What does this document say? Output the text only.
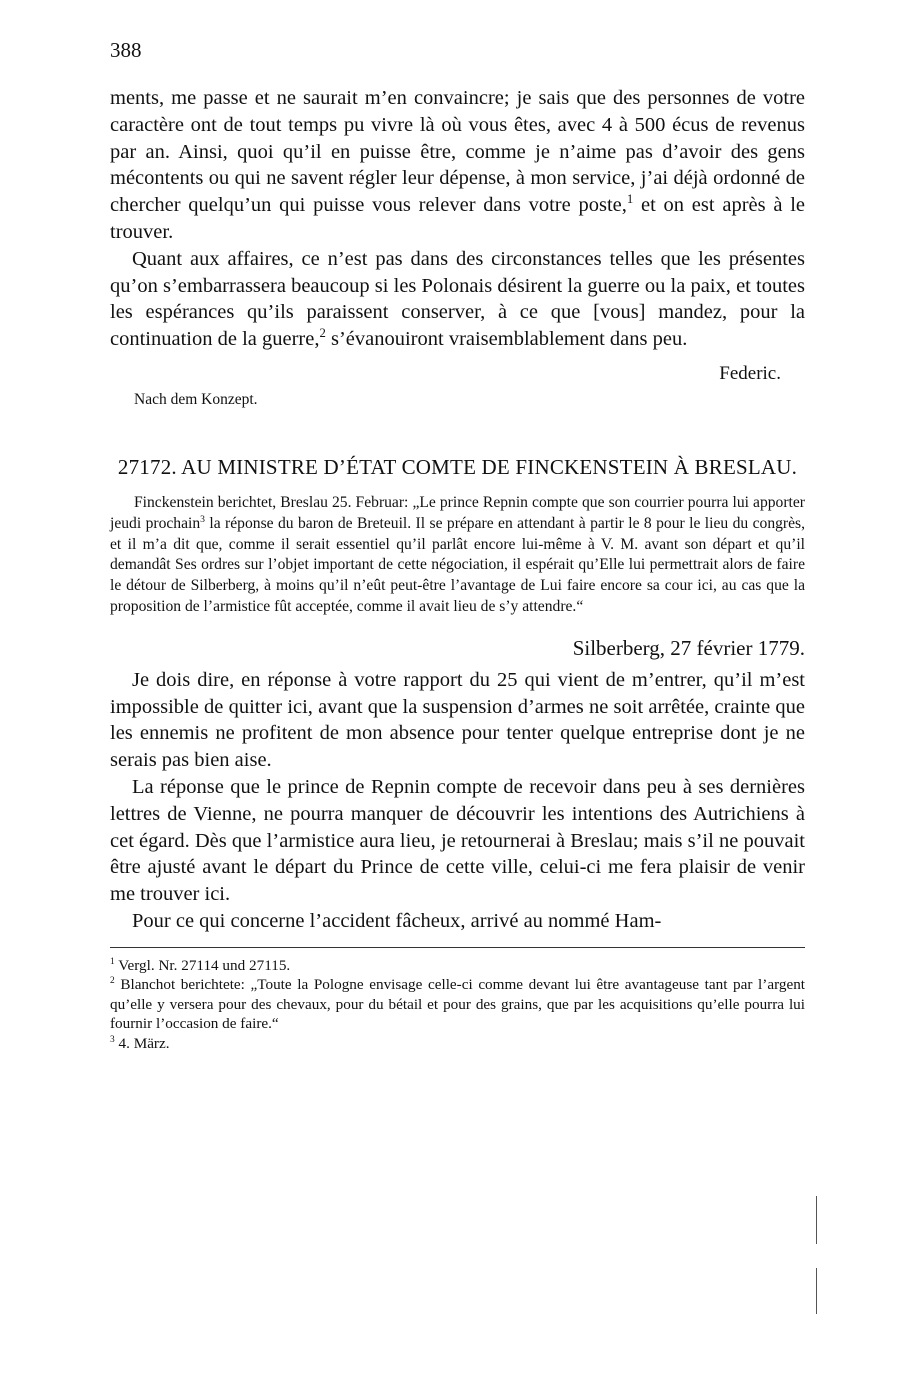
388

ments, me passe et ne saurait m’en convaincre; je sais que des personnes de votre caractère ont de tout temps pu vivre là où vous êtes, avec 4 à 500 écus de revenus par an. Ainsi, quoi qu’il en puisse être, comme je n’aime pas d’avoir des gens mécontents ou qui ne savent régler leur dépense, à mon service, j’ai déjà ordonné de chercher quelqu’un qui puisse vous relever dans votre poste,$^1$ et on est après à le trouver.

Quant aux affaires, ce n’est pas dans des circonstances telles que les présentes qu’on s’embarrassera beaucoup si les Polonais désirent la guerre ou la paix, et toutes les espérances qu’ils paraissent conserver, à ce que [vous] mandez, pour la continuation de la guerre,$^2$ s’évanouiront vraisemblablement dans peu.

Federic.
Nach dem Konzept.
27172. AU MINISTRE D’ÉTAT COMTE DE FINCKENSTEIN À BRESLAU.

Finckenstein berichtet, Breslau 25. Februar: „Le prince Repnin compte que son courrier pourra lui apporter jeudi prochain$^3$ la réponse du baron de Breteuil. Il se prépare en attendant à partir le 8 pour le lieu du congrès, et il m’a dit que, comme il serait essentiel qu’il parlât encore lui-même à V. M. avant son départ et qu’il demandât Ses ordres sur l’objet important de cette négociation, il espérait qu’Elle lui permettrait alors de faire le détour de Silberberg, à moins qu’il n’eût peut-être l’avantage de Lui faire encore sa cour ici, au cas que la proposition de l’armistice fût acceptée, comme il avait lieu de s’y attendre.“

Silberberg, 27 février 1779.

Je dois dire, en réponse à votre rapport du 25 qui vient de m’entrer, qu’il m’est impossible de quitter ici, avant que la suspension d’armes ne soit arrêtée, crainte que les ennemis ne profitent de mon absence pour tenter quelque entreprise dont je ne serais pas bien aise.

La réponse que le prince de Repnin compte de recevoir dans peu à ses dernières lettres de Vienne, ne pourra manquer de découvrir les intentions des Autrichiens à cet égard. Dès que l’armistice aura lieu, je retournerai à Breslau; mais s’il ne pouvait être ajusté avant le départ du Prince de cette ville, celui-ci me fera plaisir de venir me trouver ici.

Pour ce qui concerne l’accident fâcheux, arrivé au nommé Ham-

$^1$ Vergl. Nr. 27114 und 27115.

$^2$ Blanchot berichtete: „Toute la Pologne envisage celle-ci comme devant lui être avantageuse tant par l’argent qu’elle y versera pour des chevaux, pour du bétail et pour des grains, que par les acquisitions qu’elle pourra lui fournir l’occasion de faire.“

$^3$ 4. März.
